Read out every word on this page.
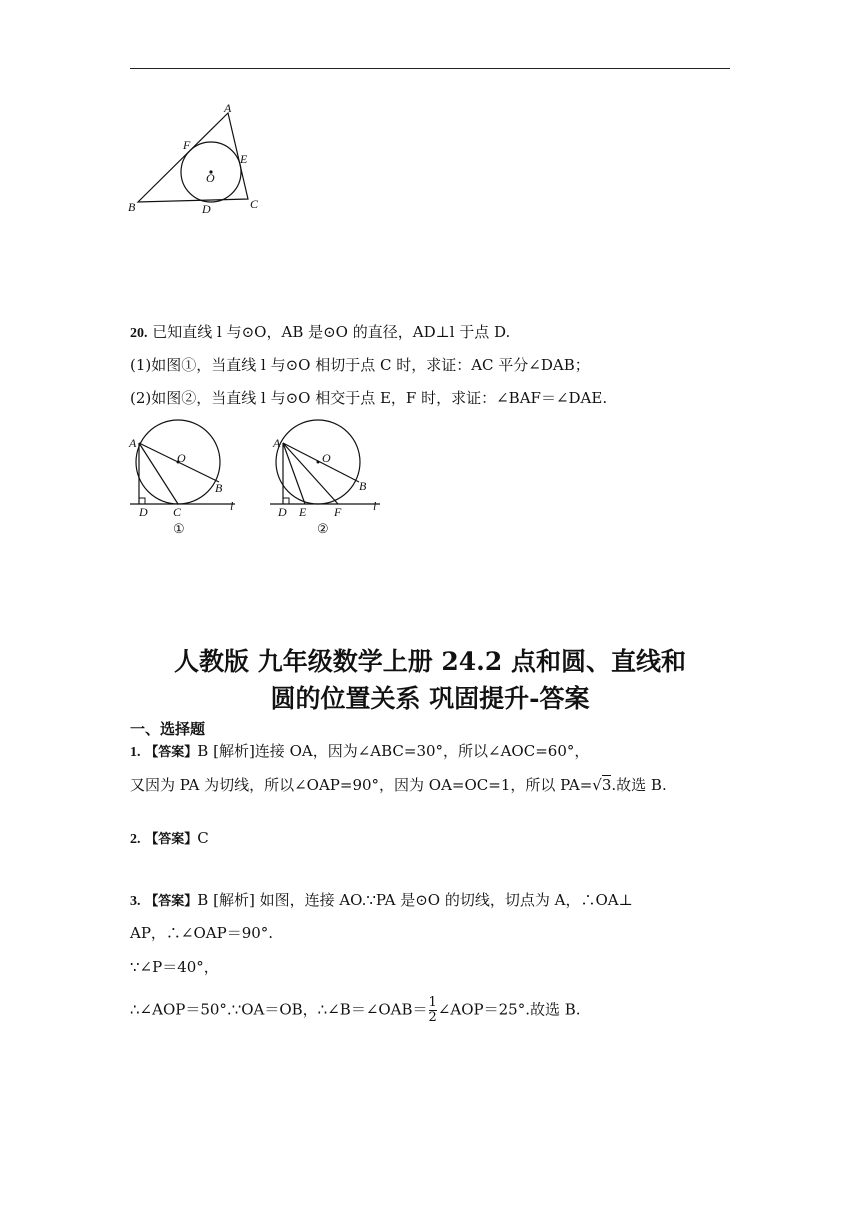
A
B	C
D
E
F
O
20. 已知直线 l 与⊙O，AB 是⊙O 的直径，AD⊥l 于点 D.
(1)如图①，当直线 l 与⊙O 相切于点 C 时，求证：AC 平分∠DAB；
(2)如图②，当直线 l 与⊙O 相交于点 E，F 时，求证：∠BAF＝∠DAE.
A
O
B
D C	l
①
A
O
B
D E F	l
②
人教版 九年级数学上册 24.2 点和圆、直线和
圆的位置关系 巩固提升-答案
一、选择题
1. 【答案】B [解析]连接 OA，因为∠ABC=30°，所以∠AOC=60°，
又因为 PA 为切线，所以∠OAP=90°，因为 OA=OC=1，所以 PA=√3.故选 B.
2. 【答案】C
3. 【答案】B [解析] 如图，连接 AO.∵PA 是⊙O 的切线，切点为 A，∴OA⊥
AP，∴∠OAP＝90°.
∵∠P＝40°，
∴∠AOP＝50°.∵OA＝OB，∴∠B＝∠OAB＝ $\frac{1}{2}$ ∠AOP＝25°.故选 B.
